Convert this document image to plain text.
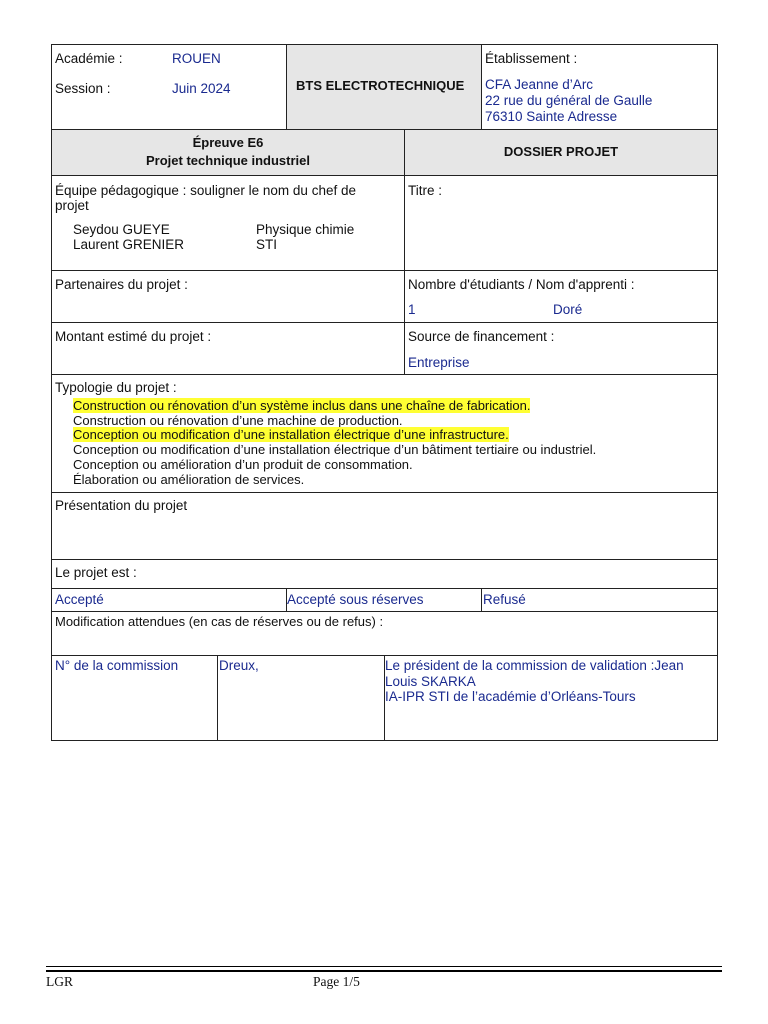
Académie :	ROUEN
Session :	Juin 2024	BTS ELECTROTECHNIQUE
Établissement :
CFA Jeanne d’Arc
22 rue du général de Gaulle
76310 Sainte Adresse
Épreuve E6
Projet technique industriel
DOSSIER PROJET
Équipe pédagogique : souligner le nom du chef de
projet
Seydou GUEYE	Physique chimie
Laurent GRENIER	STI
Titre :
Partenaires du projet :	Nombre d'étudiants / Nom d'apprenti :
1	Doré
Montant estimé du projet :	Source de financement :
Entreprise
Typologie du projet :
Construction ou rénovation d’un système inclus dans une chaîne de fabrication.
Construction ou rénovation d’une machine de production.
Conception ou modification d’une installation électrique d’une infrastructure.
Conception ou modification d’une installation électrique d’un bâtiment tertiaire ou industriel.
Conception ou amélioration d’un produit de consommation.
Élaboration ou amélioration de services.
Présentation du projet
Le projet est :
Accepté	Accepté sous réserves	Refusé
Modification attendues (en cas de réserves ou de refus) :
N° de la commission	Dreux,	Le président de la commission de validation :Jean
Louis SKARKA
IA-IPR STI de l’académie d’Orléans-Tours
LGR	Page 1/5
